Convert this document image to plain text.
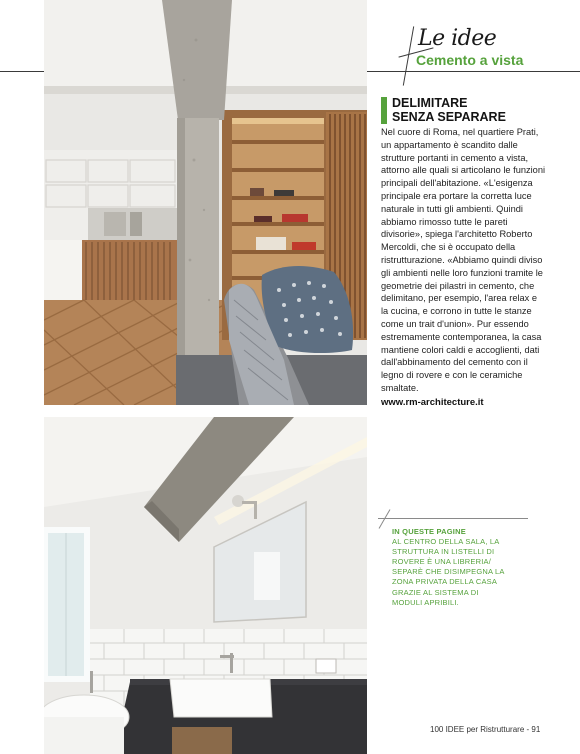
Le idee
Cemento a vista
DELIMITARE
SENZA SEPARARE

Nel cuore di Roma, nel quartiere Prati, un appartamento è scandito dalle strutture portanti in cemento a vista, attorno alle quali si articolano le funzioni principali dell'abitazione. «L'esigenza principale era portare la corretta luce naturale in tutti gli ambienti. Quindi abbiamo rimosso tutte le pareti divisorie», spiega l'architetto Roberto Mercoldi, che si è occupato della ristrutturazione. «Abbiamo quindi diviso gli ambienti nelle loro funzioni tramite le geometrie dei pilastri in cemento, che delimitano, per esempio, l'area relax e la cucina, e corrono in tutte le stanze come un trait d'union». Pur essendo estremamente contemporanea, la casa mantiene colori caldi e accoglienti, dati dall'abbinamento del cemento con il legno di rovere e con le ceramiche smaltate.

www.rm-architecture.it
IN QUESTE PAGINE
AL CENTRO DELLA SALA, LA STRUTTURA IN LISTELLI DI ROVERE È UNA LIBRERIA/ SEPARÈ CHE DISIMPEGNA LA ZONA PRIVATA DELLA CASA GRAZIE AL SISTEMA DI MODULI APRIBILI.
100 IDEE per Ristrutturare - 91
